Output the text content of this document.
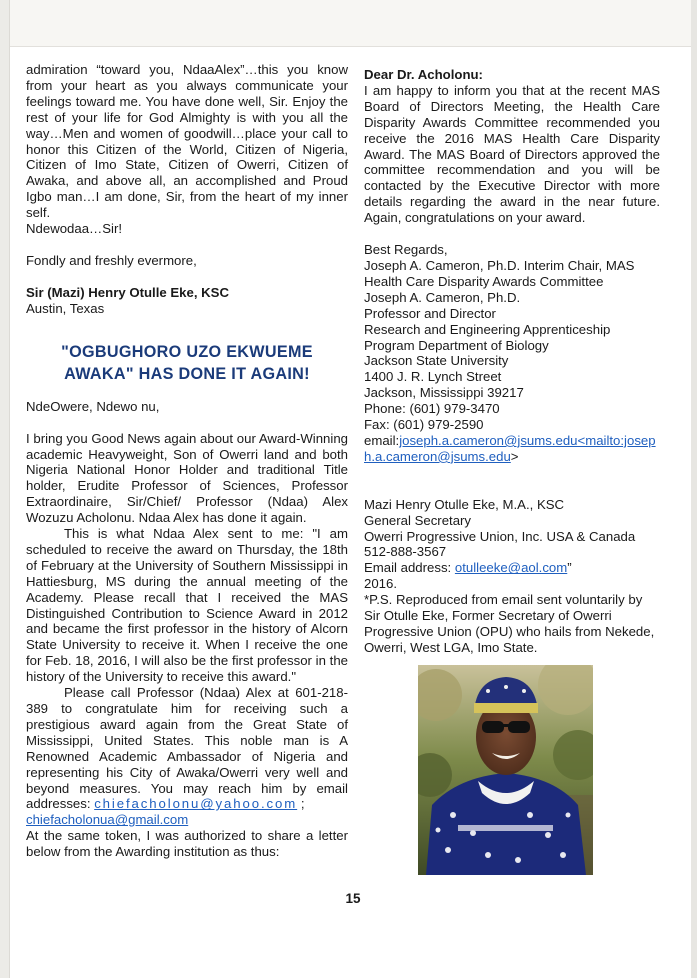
admiration “toward you, NdaaAlex”…this you know from your heart as you always communicate your feelings toward me. You have done well, Sir. Enjoy the rest of your life for God Almighty is with you all the way…Men and women of goodwill…place your call to honor this Citizen of the World, Citizen of Nigeria, Citizen of Imo State, Citizen of Owerri, Citizen of Awaka, and above all, an accomplished and Proud Igbo man…I am done, Sir, from the heart of my inner self.

Ndewodaa…Sir!

Fondly and freshly evermore,

Sir (Mazi) Henry Otulle Eke, KSC

Austin, Texas

"OGBUGHORO UZO EKWUEME
AWAKA" HAS DONE IT AGAIN!

NdeOwere, Ndewo nu,

I bring you Good News again about our Award-Winning academic Heavyweight, Son of Owerri land and both Nigeria National Honor Holder and traditional Title holder, Erudite Professor of Sciences, Professor Extraordinaire, Sir/Chief/ Professor (Ndaa) Alex Wozuzu Acholonu. Ndaa Alex has done it again.

This is what Ndaa Alex sent to me: "I am scheduled to receive the award on Thursday, the 18th of February at the University of Southern Mississippi in Hattiesburg, MS during the annual meeting of the Academy. Please recall that I received the MAS Distinguished Contribution to Science Award in 2012 and became the first professor in the history of Alcorn State University to receive it. When I receive the one for Feb. 18, 2016, I will also be the first professor in the history of the University to receive this award."

Please call Professor (Ndaa) Alex at 601-218-389 to congratulate him for receiving such a prestigious award again from the Great State of Mississippi, United States. This noble man is A Renowned Academic Ambassador of Nigeria and representing his City of Awaka/Owerri very well and beyond measures. You may reach him by email addresses: chiefacholonu@yahoo.com ;

chiefacholonua@gmail.com

At the same token, I was authorized to share a letter below from the Awarding institution as thus:

Dear Dr. Acholonu:

I am happy to inform you that at the recent MAS Board of Directors Meeting, the Health Care Disparity Awards Committee recommended you receive the 2016 MAS Health Care Disparity Award. The MAS Board of Directors approved the committee recommendation and you will be contacted by the Executive Director with more details regarding the award in the near future. Again, congratulations on your award.

Best Regards,

Joseph A. Cameron, Ph.D. Interim Chair, MAS

Health Care Disparity Awards Committee

Joseph A. Cameron, Ph.D.

Professor and Director

Research and Engineering Apprenticeship

Program Department of Biology

Jackson State University

1400 J. R. Lynch Street

Jackson, Mississippi 39217

Phone: (601) 979-3470

Fax: (601) 979-2590

email:joseph.a.cameron@jsums.edu<mailto:joseph.a.cameron@jsums.edu>

Mazi Henry Otulle Eke, M.A., KSC

General Secretary

Owerri Progressive Union, Inc. USA & Canada

512-888-3567

Email address: otulleeke@aol.com”

2016.

*P.S. Reproduced from email sent voluntarily by Sir Otulle Eke, Former Secretary of Owerri Progressive Union (OPU) who hails from Nekede, Owerri, West LGA, Imo State.

15
